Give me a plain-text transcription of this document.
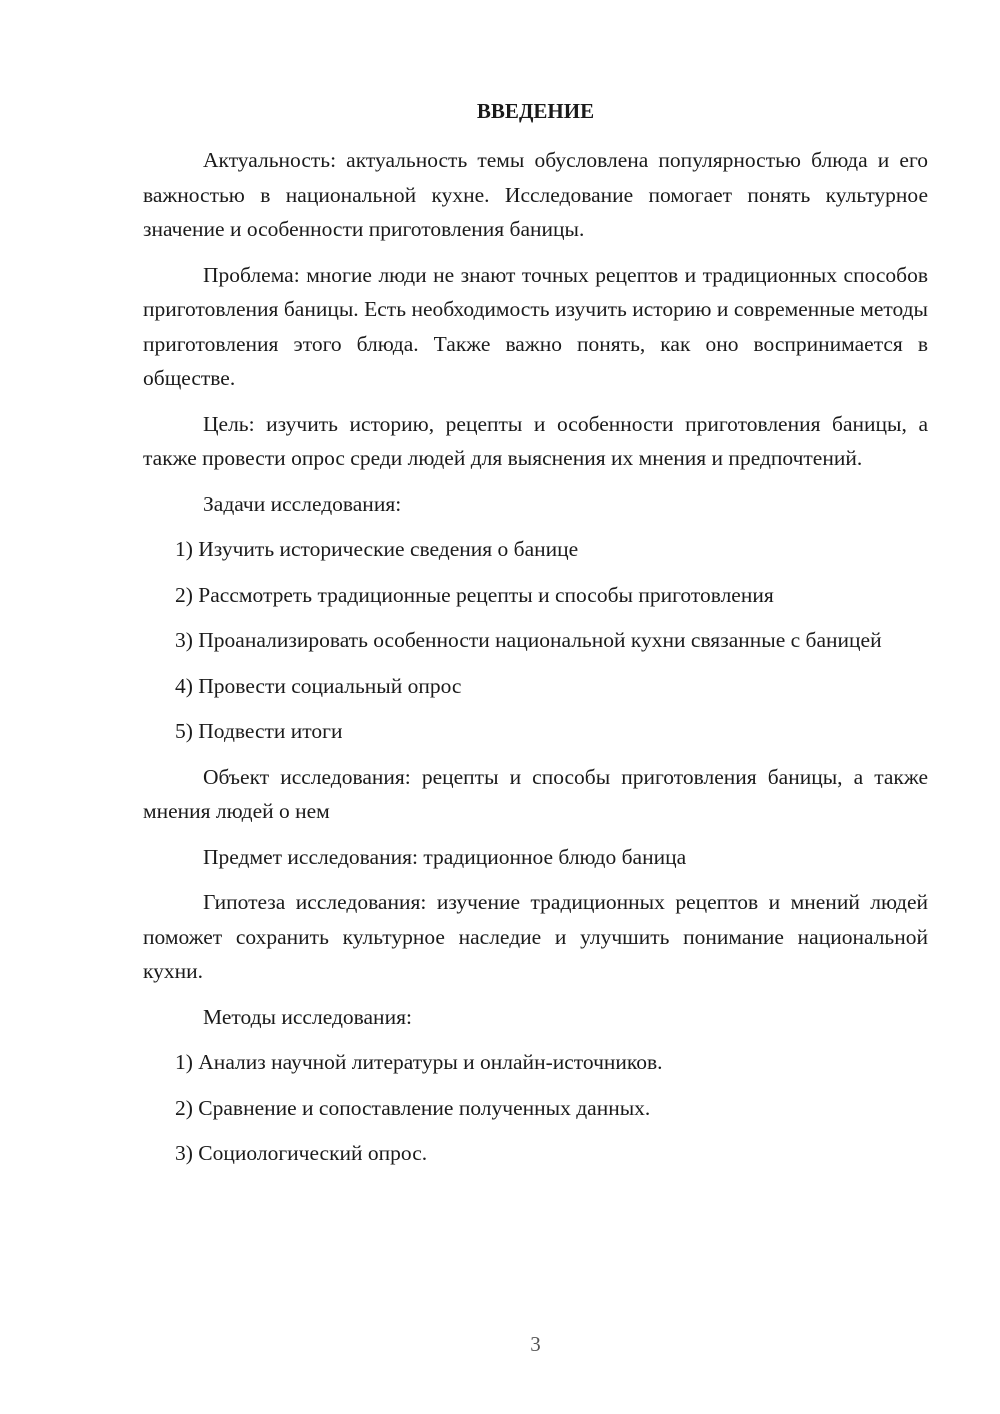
ВВЕДЕНИЕ

Актуальность: актуальность темы обусловлена популярностью блюда и его важностью в национальной кухне. Исследование помогает понять культурное значение и особенности приготовления баницы.

Проблема: многие люди не знают точных рецептов и традиционных способов приготовления баницы. Есть необходимость изучить историю и современные методы приготовления этого блюда. Также важно понять, как оно воспринимается в обществе.

Цель: изучить историю, рецепты и особенности приготовления баницы, а также провести опрос среди людей для выяснения их мнения и предпочтений.

Задачи исследования:

1) Изучить исторические сведения о банице

2) Рассмотреть традиционные рецепты и способы приготовления

3) Проанализировать особенности национальной кухни связанные с баницей

4) Провести социальный опрос

5) Подвести итоги

Объект исследования: рецепты и способы приготовления баницы, а также мнения людей о нем

Предмет исследования: традиционное блюдо баница

Гипотеза исследования: изучение традиционных рецептов и мнений людей поможет сохранить культурное наследие и улучшить понимание национальной кухни.

Методы исследования:

1) Анализ научной литературы и онлайн-источников.

2) Сравнение и сопоставление полученных данных.

3) Социологический опрос.

3
